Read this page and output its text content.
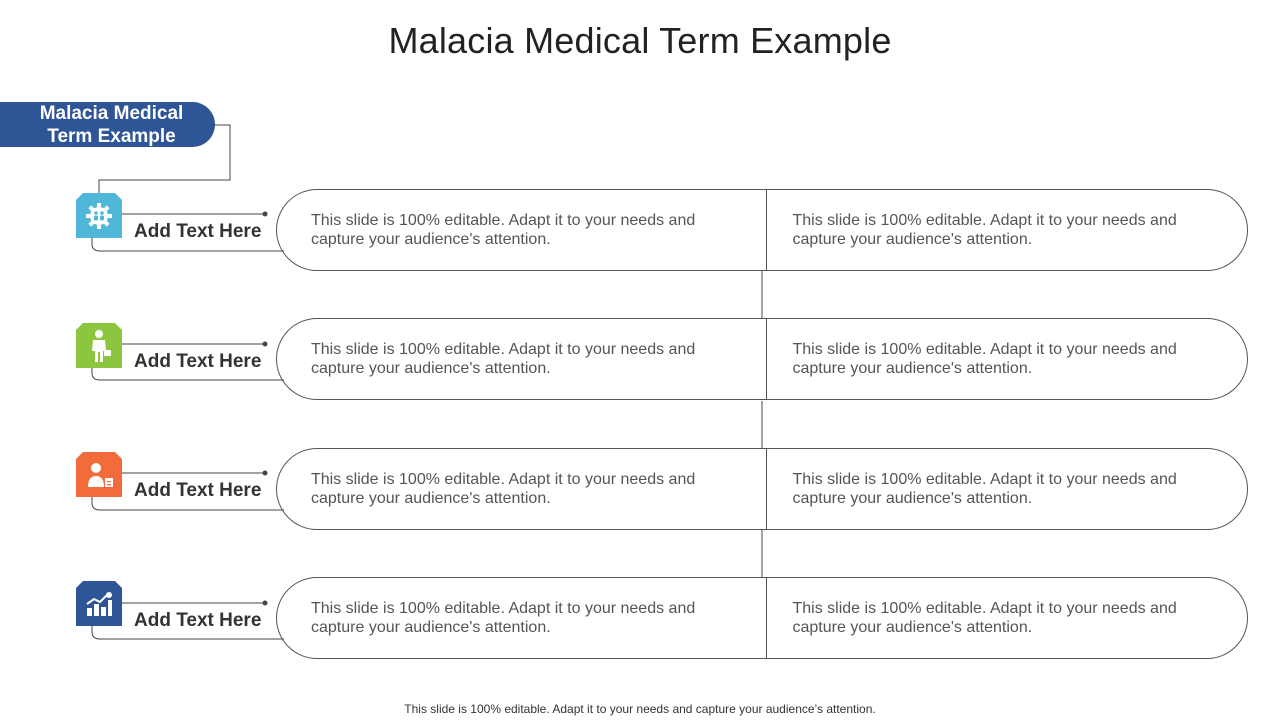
Malacia Medical Term Example
Malacia Medical
Term Example
Add Text Here
This slide is 100% editable. Adapt it to your needs and capture your audience's attention.
This slide is 100% editable. Adapt it to your needs and capture your audience's attention.
Add Text Here
This slide is 100% editable. Adapt it to your needs and capture your audience's attention.
This slide is 100% editable. Adapt it to your needs and capture your audience's attention.
Add Text Here
This slide is 100% editable. Adapt it to your needs and capture your audience's attention.
This slide is 100% editable. Adapt it to your needs and capture your audience's attention.
Add Text Here
This slide is 100% editable. Adapt it to your needs and capture your audience's attention.
This slide is 100% editable. Adapt it to your needs and capture your audience's attention.
This slide is 100% editable. Adapt it to your needs and capture your audience’s attention.
